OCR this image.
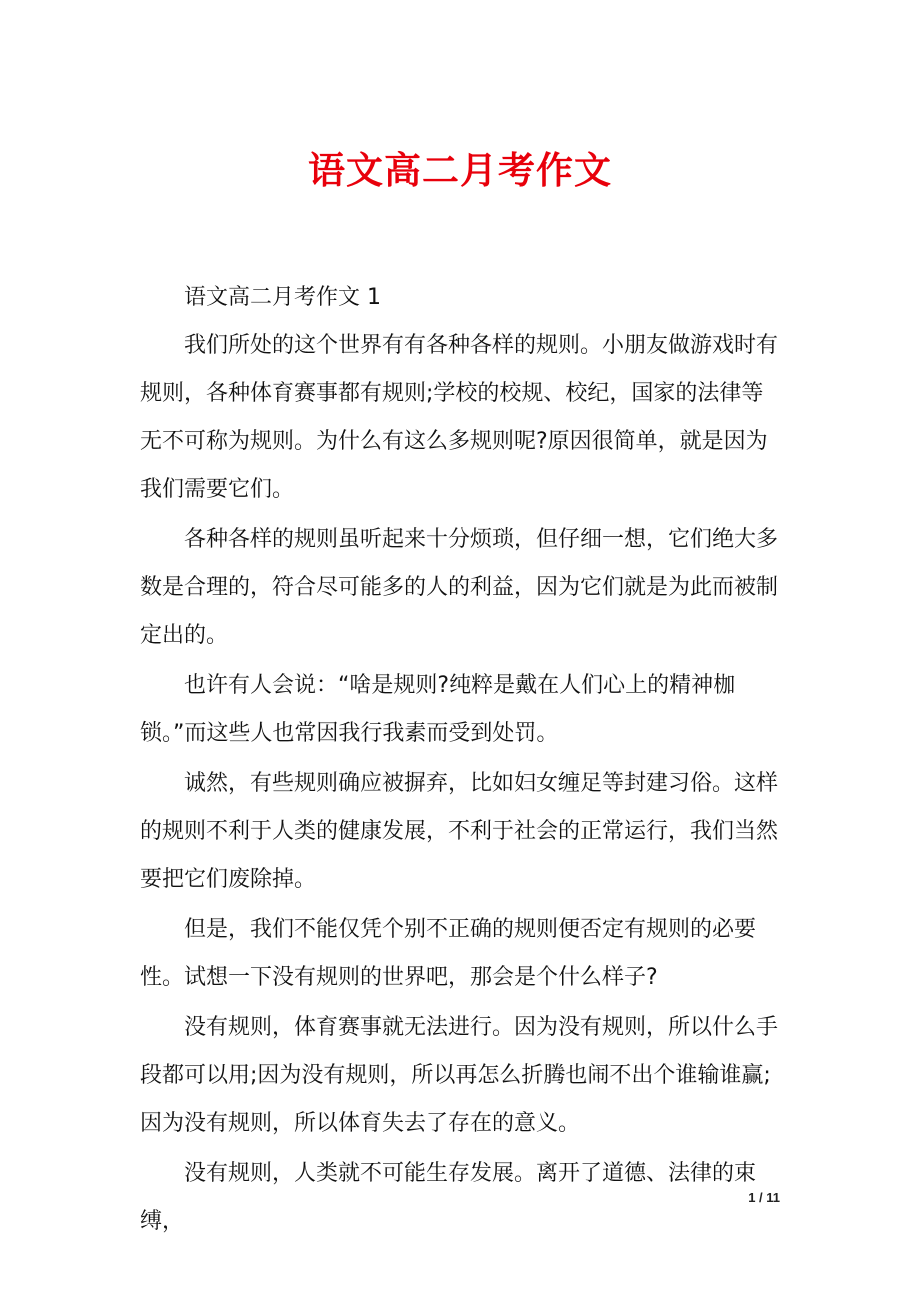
语文高二月考作文

语文高二月考作文 1

我们所处的这个世界有有各种各样的规则。小朋友做游戏时有规则，各种体育赛事都有规则;学校的校规、校纪，国家的法律等无不可称为规则。为什么有这么多规则呢?原因很简单，就是因为我们需要它们。

各种各样的规则虽听起来十分烦琐，但仔细一想，它们绝大多数是合理的，符合尽可能多的人的利益，因为它们就是为此而被制定出的。

也许有人会说：“啥是规则?纯粹是戴在人们心上的精神枷锁。”而这些人也常因我行我素而受到处罚。

诚然，有些规则确应被摒弃，比如妇女缠足等封建习俗。这样的规则不利于人类的健康发展，不利于社会的正常运行，我们当然要把它们废除掉。

但是，我们不能仅凭个别不正确的规则便否定有规则的必要性。试想一下没有规则的世界吧，那会是个什么样子?

没有规则，体育赛事就无法进行。因为没有规则，所以什么手段都可以用;因为没有规则，所以再怎么折腾也闹不出个谁输谁赢;因为没有规则，所以体育失去了存在的意义。

没有规则，人类就不可能生存发展。离开了道德、法律的束缚，

1 / 11
